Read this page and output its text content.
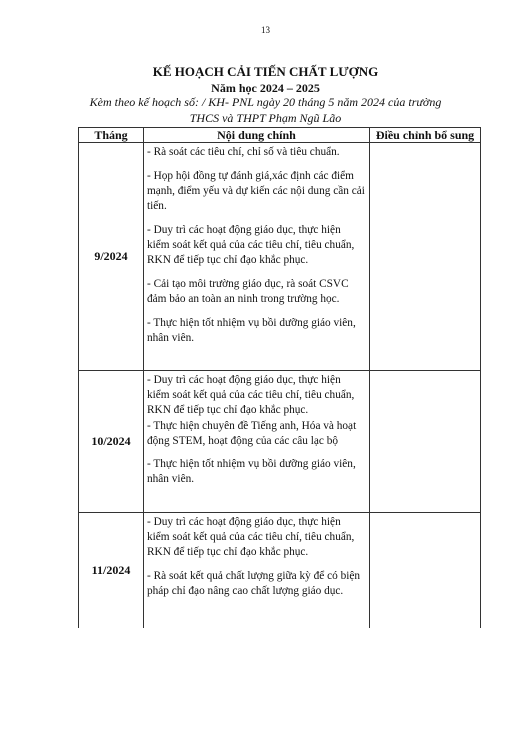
13
KẾ HOẠCH CẢI TIẾN CHẤT LƯỢNG
Năm học 2024 – 2025
Kèm theo kế hoạch số: / KH- PNL ngày 20 tháng 5 năm 2024 của trường
THCS và THPT Phạm Ngũ Lão
Tháng	Nội dung chính	Điều chỉnh bổ sung
9/2024	- Rà soát các tiêu chí, chỉ số và tiêu chuẩn.
- Họp hội đồng tự đánh giá,xác định các điểm mạnh, điểm yếu và dự kiến các nội dung cần cải tiến.
- Duy trì các hoạt động giáo dục, thực hiện kiểm soát kết quả của các tiêu chí, tiêu chuẩn, RKN để tiếp tục chỉ đạo khắc phục.
- Cải tạo môi trường giáo dục, rà soát CSVC đảm bảo an toàn an ninh trong trường học.
- Thực hiện tốt nhiệm vụ bồi dưỡng giáo viên, nhân viên.	

10/2024	- Duy trì các hoạt động giáo dục, thực hiện kiểm soát kết quả của các tiêu chí, tiêu chuẩn, RKN để tiếp tục chỉ đạo khắc phục.
- Thực hiện chuyên đề Tiếng anh, Hóa và hoạt động STEM, hoạt động của các câu lạc bộ
- Thực hiện tốt nhiệm vụ bồi dưỡng giáo viên, nhân viên.	

11/2024	- Duy trì các hoạt động giáo dục, thực hiện kiểm soát kết quả của các tiêu chí, tiêu chuẩn, RKN để tiếp tục chỉ đạo khắc phục.
- Rà soát kết quả chất lượng giữa kỳ để có biện pháp chỉ đạo nâng cao chất lượng giáo dục.	
